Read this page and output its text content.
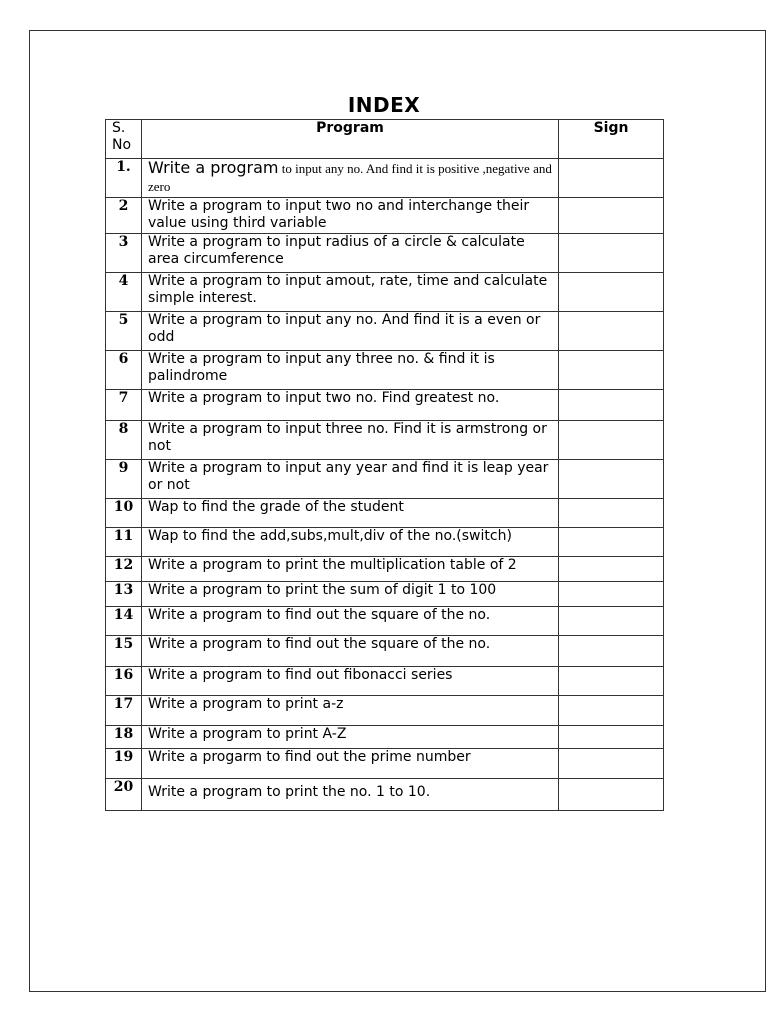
INDEX
S. No	Program	Sign
1.	Write a program to input any no. And find it is positive ,negative and zero	
2	Write a program to input two no and interchange their value using third variable	
3	Write a program to input radius of a circle & calculate area circumference	
4	Write a program to input amout, rate, time and calculate simple interest.	
5	Write a program to input any no. And find it is a even or odd	
6	Write a program to input any three no. & find it is palindrome	
7	Write a program to input two no. Find greatest no.	
8	Write a program to input three no. Find it is armstrong or not	
9	Write a program to input any year and find it is leap year or not	
10	Wap to find the grade of the student	
11	Wap to find the add,subs,mult,div of the no.(switch)	
12	Write a program to print the multiplication table of 2	
13	Write a program to print the sum of digit 1 to 100	
14	Write a program to find out the square of the no.	
15	Write a program to find out the square of the no.	
16	Write a program to find out fibonacci series	
17	Write a program to print a-z	
18	Write a program to print A-Z	
19	Write a progarm to find out the prime number	
20	Write a program to print the no. 1 to 10.	
